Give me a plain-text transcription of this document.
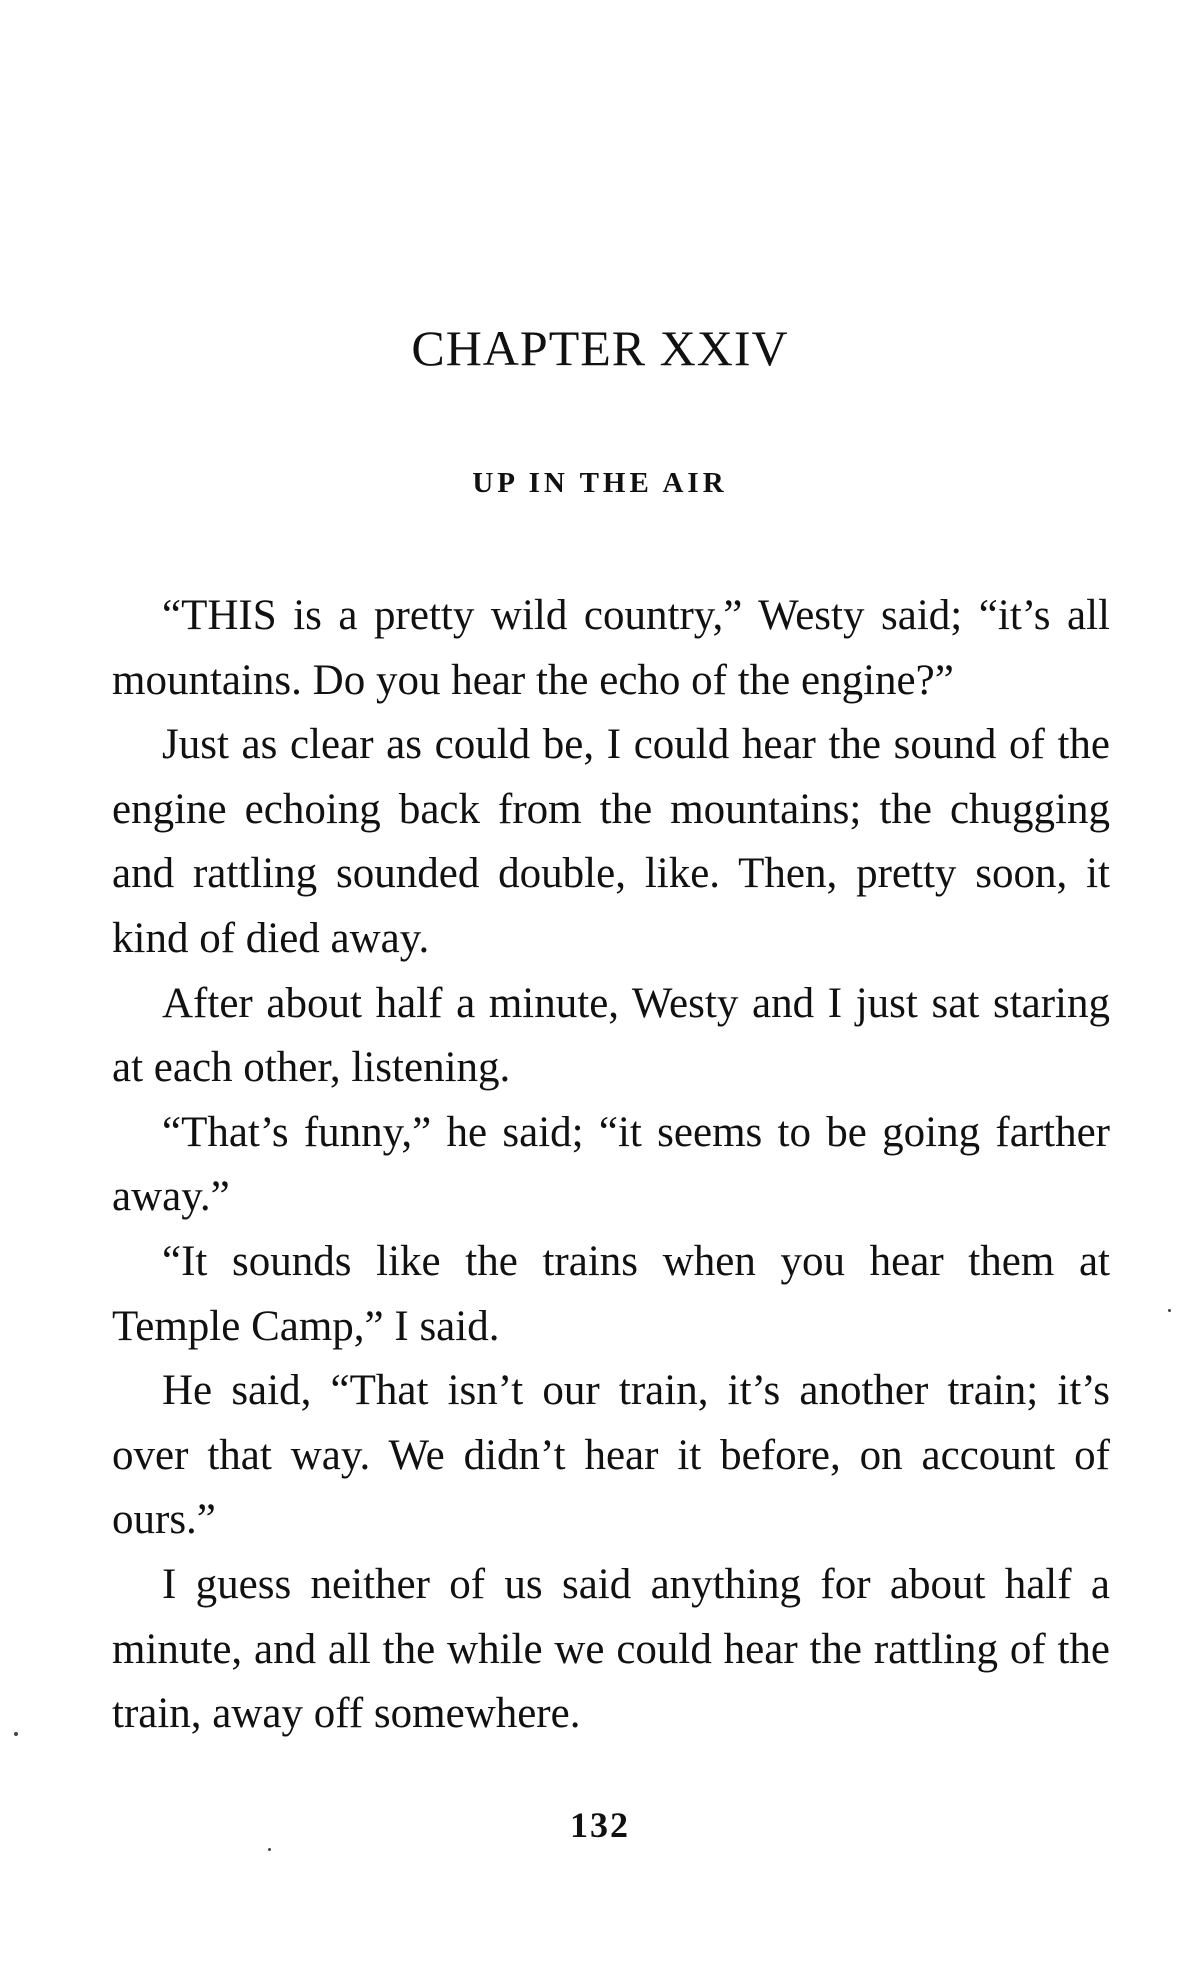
CHAPTER XXIV
UP IN THE AIR

“THIS is a pretty wild country,” Westy said; “it’s all mountains. Do you hear the echo of the engine?”

Just as clear as could be, I could hear the sound of the engine echoing back from the mountains; the chugging and rattling sounded double, like. Then, pretty soon, it kind of died away.

After about half a minute, Westy and I just sat staring at each other, listening.

“That’s funny,” he said; “it seems to be going farther away.”

“It sounds like the trains when you hear them at Temple Camp,” I said.

He said, “That isn’t our train, it’s another train; it’s over that way. We didn’t hear it before, on account of ours.”

I guess neither of us said anything for about half a minute, and all the while we could hear the rattling of the train, away off somewhere.

132
